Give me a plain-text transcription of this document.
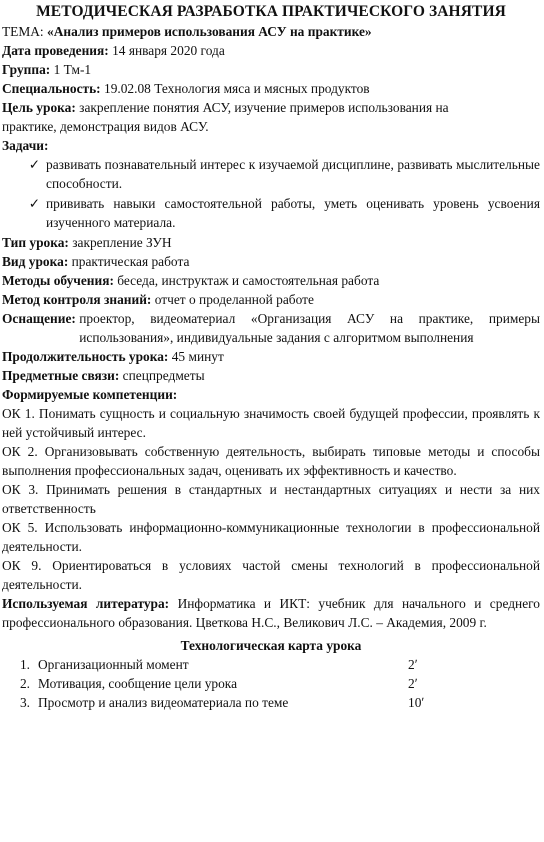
МЕТОДИЧЕСКАЯ РАЗРАБОТКА ПРАКТИЧЕСКОГО ЗАНЯТИЯ

ТЕМА: «Анализ примеров использования АСУ на практике»

Дата проведения: 14 января 2020 года

Группа: 1 Тм-1

Специальность: 19.02.08 Технология мяса и мясных продуктов

Цель урока: закрепление понятия АСУ, изучение примеров использования на

практике, демонстрация видов АСУ.

Задачи:

✓ развивать познавательный интерес к изучаемой дисциплине, развивать мыслительные способности.
✓ прививать навыки самостоятельной работы, уметь оценивать уровень усвоения изученного материала.

Тип урока: закрепление ЗУН

Вид урока: практическая работа

Методы обучения: беседа, инструктаж и самостоятельная работа

Метод контроля знаний: отчет о проделанной работе

Оснащение: проектор, видеоматериал «Организация АСУ на практике, примеры использования», индивидуальные задания с алгоритмом выполнения

Продолжительность урока: 45 минут

Предметные связи: спецпредметы

Формируемые компетенции:

ОК 1. Понимать сущность и социальную значимость своей будущей профессии, проявлять к ней устойчивый интерес.

ОК 2. Организовывать собственную деятельность, выбирать типовые методы и способы выполнения профессиональных задач, оценивать их эффективность и качество.

ОК 3. Принимать решения в стандартных и нестандартных ситуациях и нести за них ответственность

ОК 5. Использовать информационно-коммуникационные технологии в профессиональной деятельности.

ОК 9. Ориентироваться в условиях частой смены технологий в профессиональной деятельности.

Используемая литература: Информатика и ИКТ: учебник для начального и среднего профессионального образования. Цветкова Н.С., Великович Л.С. – Академия, 2009 г.

Технологическая карта урока
1. Организационный момент	2ʹ
2. Мотивация, сообщение цели урока	2ʹ
3. Просмотр и анализ видеоматериала по теме	10ʹ
